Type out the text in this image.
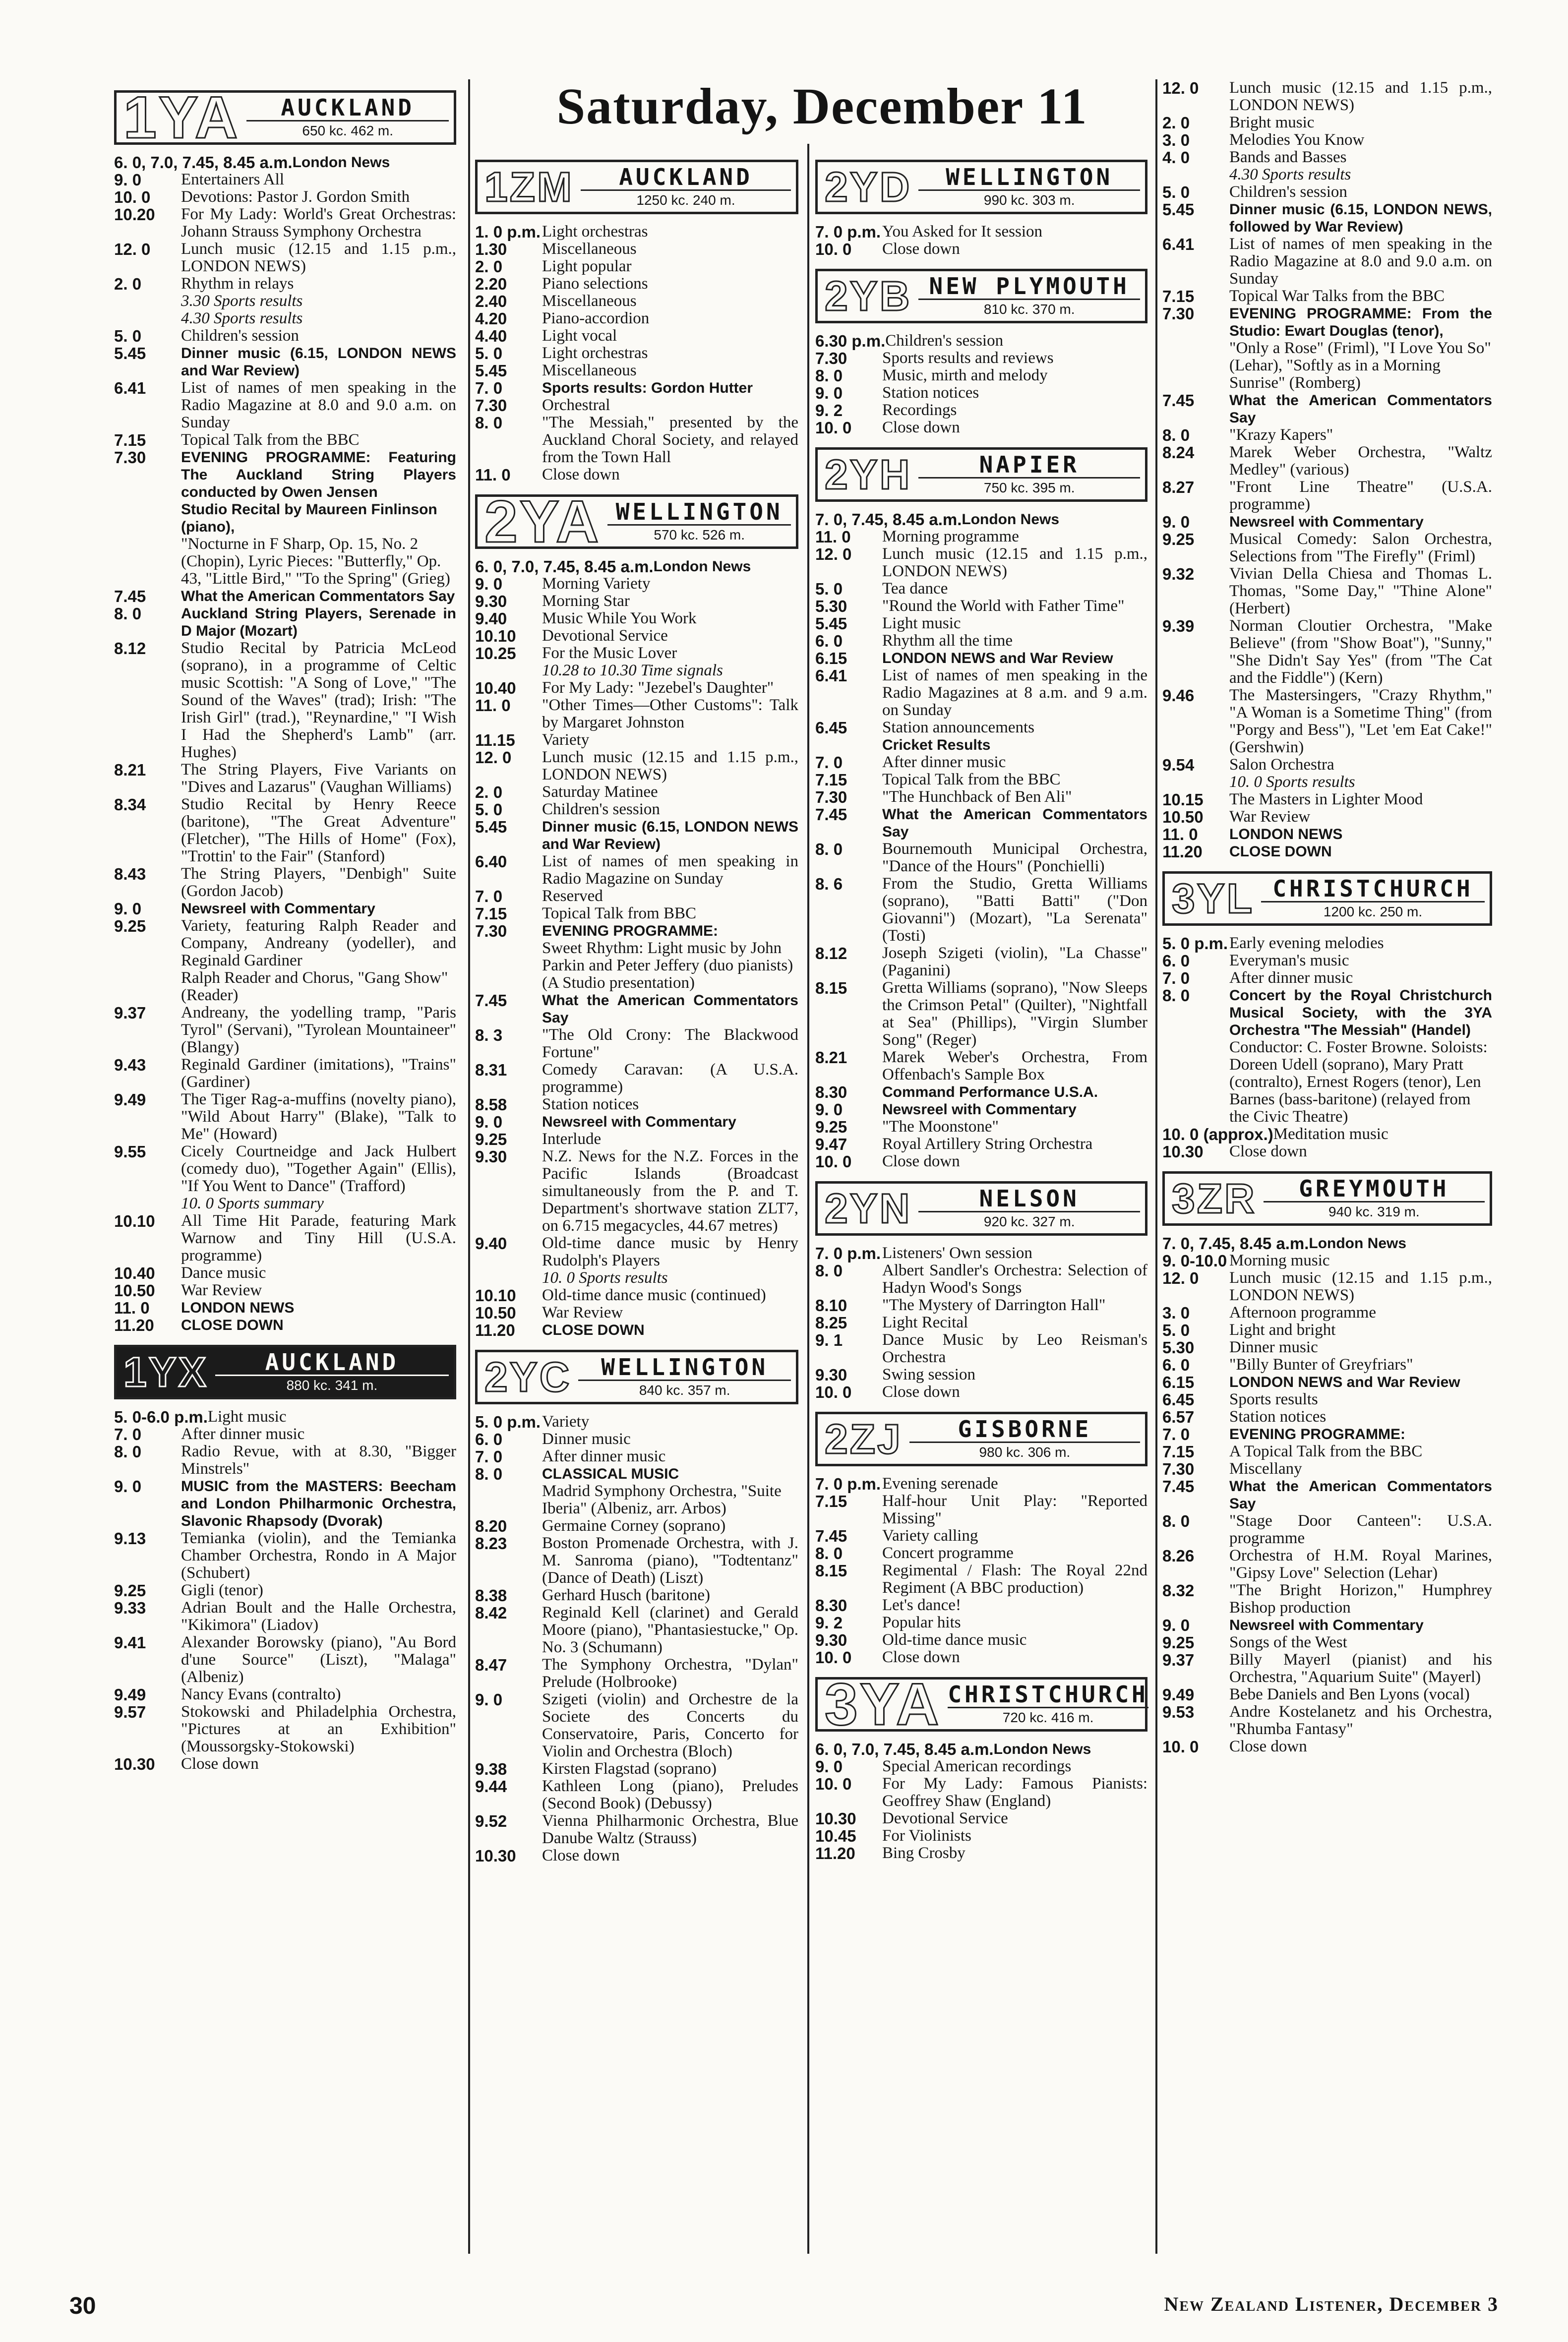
Saturday, December 11
1YA	AUCKLAND
650 kc. 462 m.
6. 0, 7.0, 7.45, 8.45 a.m. London News
9. 0	Entertainers All
10. 0	Devotions: Pastor J. Gordon Smith
10.20	For My Lady: World's Great Orchestras: Johann Strauss Symphony Orchestra
12. 0	Lunch music (12.15 and 1.15 p.m., LONDON NEWS)
2. 0	Rhythm in relays
3.30 Sports results
4.30 Sports results
5. 0	Children's session
5.45	Dinner music (6.15, LONDON NEWS and War Review)
6.41	List of names of men speaking in the Radio Magazine at 8.0 and 9.0 a.m. on Sunday
7.15	Topical Talk from the BBC
7.30	EVENING PROGRAMME: Featuring The Auckland String Players conducted by Owen Jensen
Studio Recital by Maureen Finlinson (piano),
"Nocturne in F Sharp, Op. 15, No. 2 (Chopin), Lyric Pieces: "Butterfly," Op. 43, "Little Bird," "To the Spring" (Grieg)
7.45	What the American Commentators Say
8. 0	Auckland String Players, Serenade in D Major (Mozart)
8.12	Studio Recital by Patricia McLeod (soprano), in a programme of Celtic music Scottish: "A Song of Love," "The Sound of the Waves" (trad); Irish: "The Irish Girl" (trad.), "Reynardine," "I Wish I Had the Shepherd's Lamb" (arr. Hughes)
8.21	The String Players, Five Variants on "Dives and Lazarus" (Vaughan Williams)
8.34	Studio Recital by Henry Reece (baritone), "The Great Adventure" (Fletcher), "The Hills of Home" (Fox), "Trottin' to the Fair" (Stanford)
8.43	The String Players, "Denbigh" Suite (Gordon Jacob)
9. 0	Newsreel with Commentary
9.25	Variety, featuring Ralph Reader and Company, Andreany (yodeller), and Reginald Gardiner
Ralph Reader and Chorus, "Gang Show" (Reader)
9.37	Andreany, the yodelling tramp, "Paris Tyrol" (Servani), "Tyrolean Mountaineer" (Blangy)
9.43	Reginald Gardiner (imitations), "Trains" (Gardiner)
9.49	The Tiger Rag-a-muffins (novelty piano), "Wild About Harry" (Blake), "Talk to Me" (Howard)
9.55	Cicely Courtneidge and Jack Hulbert (comedy duo), "Together Again" (Ellis), "If You Went to Dance" (Trafford)
10. 0 Sports summary
10.10	All Time Hit Parade, featuring Mark Warnow and Tiny Hill (U.S.A. programme)
10.40	Dance music
10.50	War Review
11. 0	LONDON NEWS
11.20	CLOSE DOWN
1YX	AUCKLAND
880 kc. 341 m.
5. 0-6.0 p.m. Light music
7. 0	After dinner music
8. 0	Radio Revue, with at 8.30, "Bigger Minstrels"
9. 0	MUSIC from the MASTERS: Beecham and London Philharmonic Orchestra, Slavonic Rhapsody (Dvorak)
9.13	Temianka (violin), and the Temianka Chamber Orchestra, Rondo in A Major (Schubert)
9.25	Gigli (tenor)
9.33	Adrian Boult and the Halle Orchestra, "Kikimora" (Liadov)
9.41	Alexander Borowsky (piano), "Au Bord d'une Source" (Liszt), "Malaga" (Albeniz)
9.49	Nancy Evans (contralto)
9.57	Stokowski and Philadelphia Orchestra, "Pictures at an Exhibition" (Moussorgsky-Stokowski)
10.30	Close down
1ZM	AUCKLAND
1250 kc. 240 m.
1. 0 p.m. Light orchestras
1.30	Miscellaneous
2. 0	Light popular
2.20	Piano selections
2.40	Miscellaneous
4.20	Piano-accordion
4.40	Light vocal
5. 0	Light orchestras
5.45	Miscellaneous
7. 0	Sports results: Gordon Hutter
7.30	Orchestral
8. 0	"The Messiah," presented by the Auckland Choral Society, and relayed from the Town Hall
11. 0	Close down
2YA WELLINGTON
570 kc. 526 m.
6. 0, 7.0, 7.45, 8.45 a.m. London News
9. 0	Morning Variety
9.30	Morning Star
9.40	Music While You Work
10.10	Devotional Service
10.25	For the Music Lover
10.28 to 10.30 Time signals
10.40	For My Lady: "Jezebel's Daughter"
11. 0	"Other Times—Other Customs": Talk by Margaret Johnston
11.15	Variety
12. 0	Lunch music (12.15 and 1.15 p.m., LONDON NEWS)
2. 0	Saturday Matinee
5. 0	Children's session
5.45	Dinner music (6.15, LONDON NEWS and War Review)
6.40	List of names of men speaking in Radio Magazine on Sunday
7. 0	Reserved
7.15	Topical Talk from BBC
7.30	EVENING PROGRAMME:
Sweet Rhythm: Light music by John Parkin and Peter Jeffery (duo pianists) (A Studio presentation)
7.45	What the American Commentators Say
8. 3	"The Old Crony: The Blackwood Fortune"
8.31	Comedy Caravan: (A U.S.A. programme)
8.58	Station notices
9. 0	Newsreel with Commentary
9.25	Interlude
9.30	N.Z. News for the N.Z. Forces in the Pacific Islands (Broadcast simultaneously from the P. and T. Department's shortwave station ZLT7, on 6.715 megacycles, 44.67 metres)
9.40	Old-time dance music by Henry Rudolph's Players
10. 0 Sports results
10.10	Old-time dance music (continued)
10.50	War Review
11.20	CLOSE DOWN
2YC	WELLINGTON
840 kc. 357 m.
5. 0 p.m. Variety
6. 0	Dinner music
7. 0	After dinner music
8. 0	CLASSICAL MUSIC
Madrid Symphony Orchestra, "Suite Iberia" (Albeniz, arr. Arbos)
8.20	Germaine Corney (soprano)
8.23	Boston Promenade Orchestra, with J. M. Sanroma (piano), "Todtentanz" (Dance of Death) (Liszt)
8.38	Gerhard Husch (baritone)
8.42	Reginald Kell (clarinet) and Gerald Moore (piano), "Phantasiestucke," Op. No. 3 (Schumann)
8.47	The Symphony Orchestra, "Dylan" Prelude (Holbrooke)
9. 0	Szigeti (violin) and Orchestre de la Societe des Concerts du Conservatoire, Paris, Concerto for Violin and Orchestra (Bloch)
9.38	Kirsten Flagstad (soprano)
9.44	Kathleen Long (piano), Preludes (Second Book) (Debussy)
9.52	Vienna Philharmonic Orchestra, Blue Danube Waltz (Strauss)
10.30	Close down
2YD	WELLINGTON
990 kc. 303 m.
7. 0 p.m. You Asked for It session
10. 0	Close down
2YB NEW PLYMOUTH
810 kc. 370 m.
6.30 p.m. Children's session
7.30	Sports results and reviews
8. 0	Music, mirth and melody
9. 0	Station notices
9. 2	Recordings
10. 0	Close down
2YH	NAPIER
750 kc. 395 m.
7. 0, 7.45, 8.45 a.m. London News
11. 0	Morning programme
12. 0	Lunch music (12.15 and 1.15 p.m., LONDON NEWS)
5. 0	Tea dance
5.30	"Round the World with Father Time"
5.45	Light music
6. 0	Rhythm all the time
6.15	LONDON NEWS and War Review
6.41	List of names of men speaking in the Radio Magazines at 8 a.m. and 9 a.m. on Sunday
6.45	Station announcements
Cricket Results
7. 0	After dinner music
7.15	Topical Talk from the BBC
7.30	"The Hunchback of Ben Ali"
7.45	What the American Commentators Say
8. 0	Bournemouth Municipal Orchestra, "Dance of the Hours" (Ponchielli)
8. 6	From the Studio, Gretta Williams (soprano), "Batti Batti" ("Don Giovanni") (Mozart), "La Serenata" (Tosti)
8.12	Joseph Szigeti (violin), "La Chasse" (Paganini)
8.15	Gretta Williams (soprano), "Now Sleeps the Crimson Petal" (Quilter), "Nightfall at Sea" (Phillips), "Virgin Slumber Song" (Reger)
8.21	Marek Weber's Orchestra, From Offenbach's Sample Box
8.30	Command Performance U.S.A.
9. 0	Newsreel with Commentary
9.25	"The Moonstone"
9.47	Royal Artillery String Orchestra
10. 0	Close down
2YN	NELSON
920 kc. 327 m.
7. 0 p.m. Listeners' Own session
8. 0	Albert Sandler's Orchestra: Selection of Hadyn Wood's Songs
8.10	"The Mystery of Darrington Hall"
8.25	Light Recital
9. 1	Dance Music by Leo Reisman's Orchestra
9.30	Swing session
10. 0	Close down
2ZJ	GISBORNE
980 kc. 306 m.
7. 0 p.m. Evening serenade
7.15	Half-hour Unit Play: "Reported Missing"
7.45	Variety calling
8. 0	Concert programme
8.15	Regimental / Flash: The Royal 22nd Regiment (A BBC production)
8.30	Let's dance!
9. 2	Popular hits
9.30	Old-time dance music
10. 0	Close down
3YA CHRISTCHURCH
720 kc. 416 m.
6. 0, 7.0, 7.45, 8.45 a.m. London News
9. 0	Special American recordings
10. 0	For My Lady: Famous Pianists: Geoffrey Shaw (England)
10.30	Devotional Service
10.45	For Violinists
11.20	Bing Crosby
12. 0	Lunch music (12.15 and 1.15 p.m., LONDON NEWS)
2. 0	Bright music
3. 0	Melodies You Know
4. 0	Bands and Basses
4.30 Sports results
5. 0	Children's session
5.45	Dinner music (6.15, LONDON NEWS, followed by War Review)
6.41	List of names of men speaking in the Radio Magazine at 8.0 and 9.0 a.m. on Sunday
7.15	Topical War Talks from the BBC
7.30	EVENING PROGRAMME: From the Studio: Ewart Douglas (tenor),
"Only a Rose" (Friml), "I Love You So" (Lehar), "Softly as in a Morning Sunrise" (Romberg)
7.45	What the American Commentators Say
8. 0	"Krazy Kapers"
8.24	Marek Weber Orchestra, "Waltz Medley" (various)
8.27	"Front Line Theatre" (U.S.A. programme)
9. 0	Newsreel with Commentary
9.25	Musical Comedy: Salon Orchestra, Selections from "The Firefly" (Friml)
9.32	Vivian Della Chiesa and Thomas L. Thomas, "Some Day," "Thine Alone" (Herbert)
9.39	Norman Cloutier Orchestra, "Make Believe" (from "Show Boat"), "Sunny," "She Didn't Say Yes" (from "The Cat and the Fiddle") (Kern)
9.46	The Mastersingers, "Crazy Rhythm," "A Woman is a Sometime Thing" (from "Porgy and Bess"), "Let 'em Eat Cake!" (Gershwin)
9.54	Salon Orchestra
10. 0 Sports results
10.15	The Masters in Lighter Mood
10.50	War Review
11. 0	LONDON NEWS
11.20	CLOSE DOWN
3YL CHRISTCHURCH
1200 kc. 250 m.
5. 0 p.m. Early evening melodies
6. 0	Everyman's music
7. 0	After dinner music
8. 0	Concert by the Royal Christchurch Musical Society, with the 3YA Orchestra "The Messiah" (Handel)
Conductor: C. Foster Browne. Soloists: Doreen Udell (soprano), Mary Pratt (contralto), Ernest Rogers (tenor), Len Barnes (bass-baritone) (relayed from the Civic Theatre)
10. 0 (approx.) Meditation music
10.30	Close down
3ZR	GREYMOUTH
940 kc. 319 m.
7. 0, 7.45, 8.45 a.m. London News
9. 0-10.0 Morning music
12. 0	Lunch music (12.15 and 1.15 p.m., LONDON NEWS)
3. 0	Afternoon programme
5. 0	Light and bright
5.30	Dinner music
6. 0	"Billy Bunter of Greyfriars"
6.15	LONDON NEWS and War Review
6.45	Sports results
6.57	Station notices
7. 0	EVENING PROGRAMME:
7.15	A Topical Talk from the BBC
7.30	Miscellany
7.45	What the American Commentators Say
8. 0	"Stage Door Canteen": U.S.A. programme
8.26	Orchestra of H.M. Royal Marines, "Gipsy Love" Selection (Lehar)
8.32	"The Bright Horizon," Humphrey Bishop production
9. 0	Newsreel with Commentary
9.25	Songs of the West
9.37	Billy Mayerl (pianist) and his Orchestra, "Aquarium Suite" (Mayerl)
9.49	Bebe Daniels and Ben Lyons (vocal)
9.53	Andre Kostelanetz and his Orchestra, "Rhumba Fantasy"
10. 0	Close down
30	New Zealand Listener, December 3
